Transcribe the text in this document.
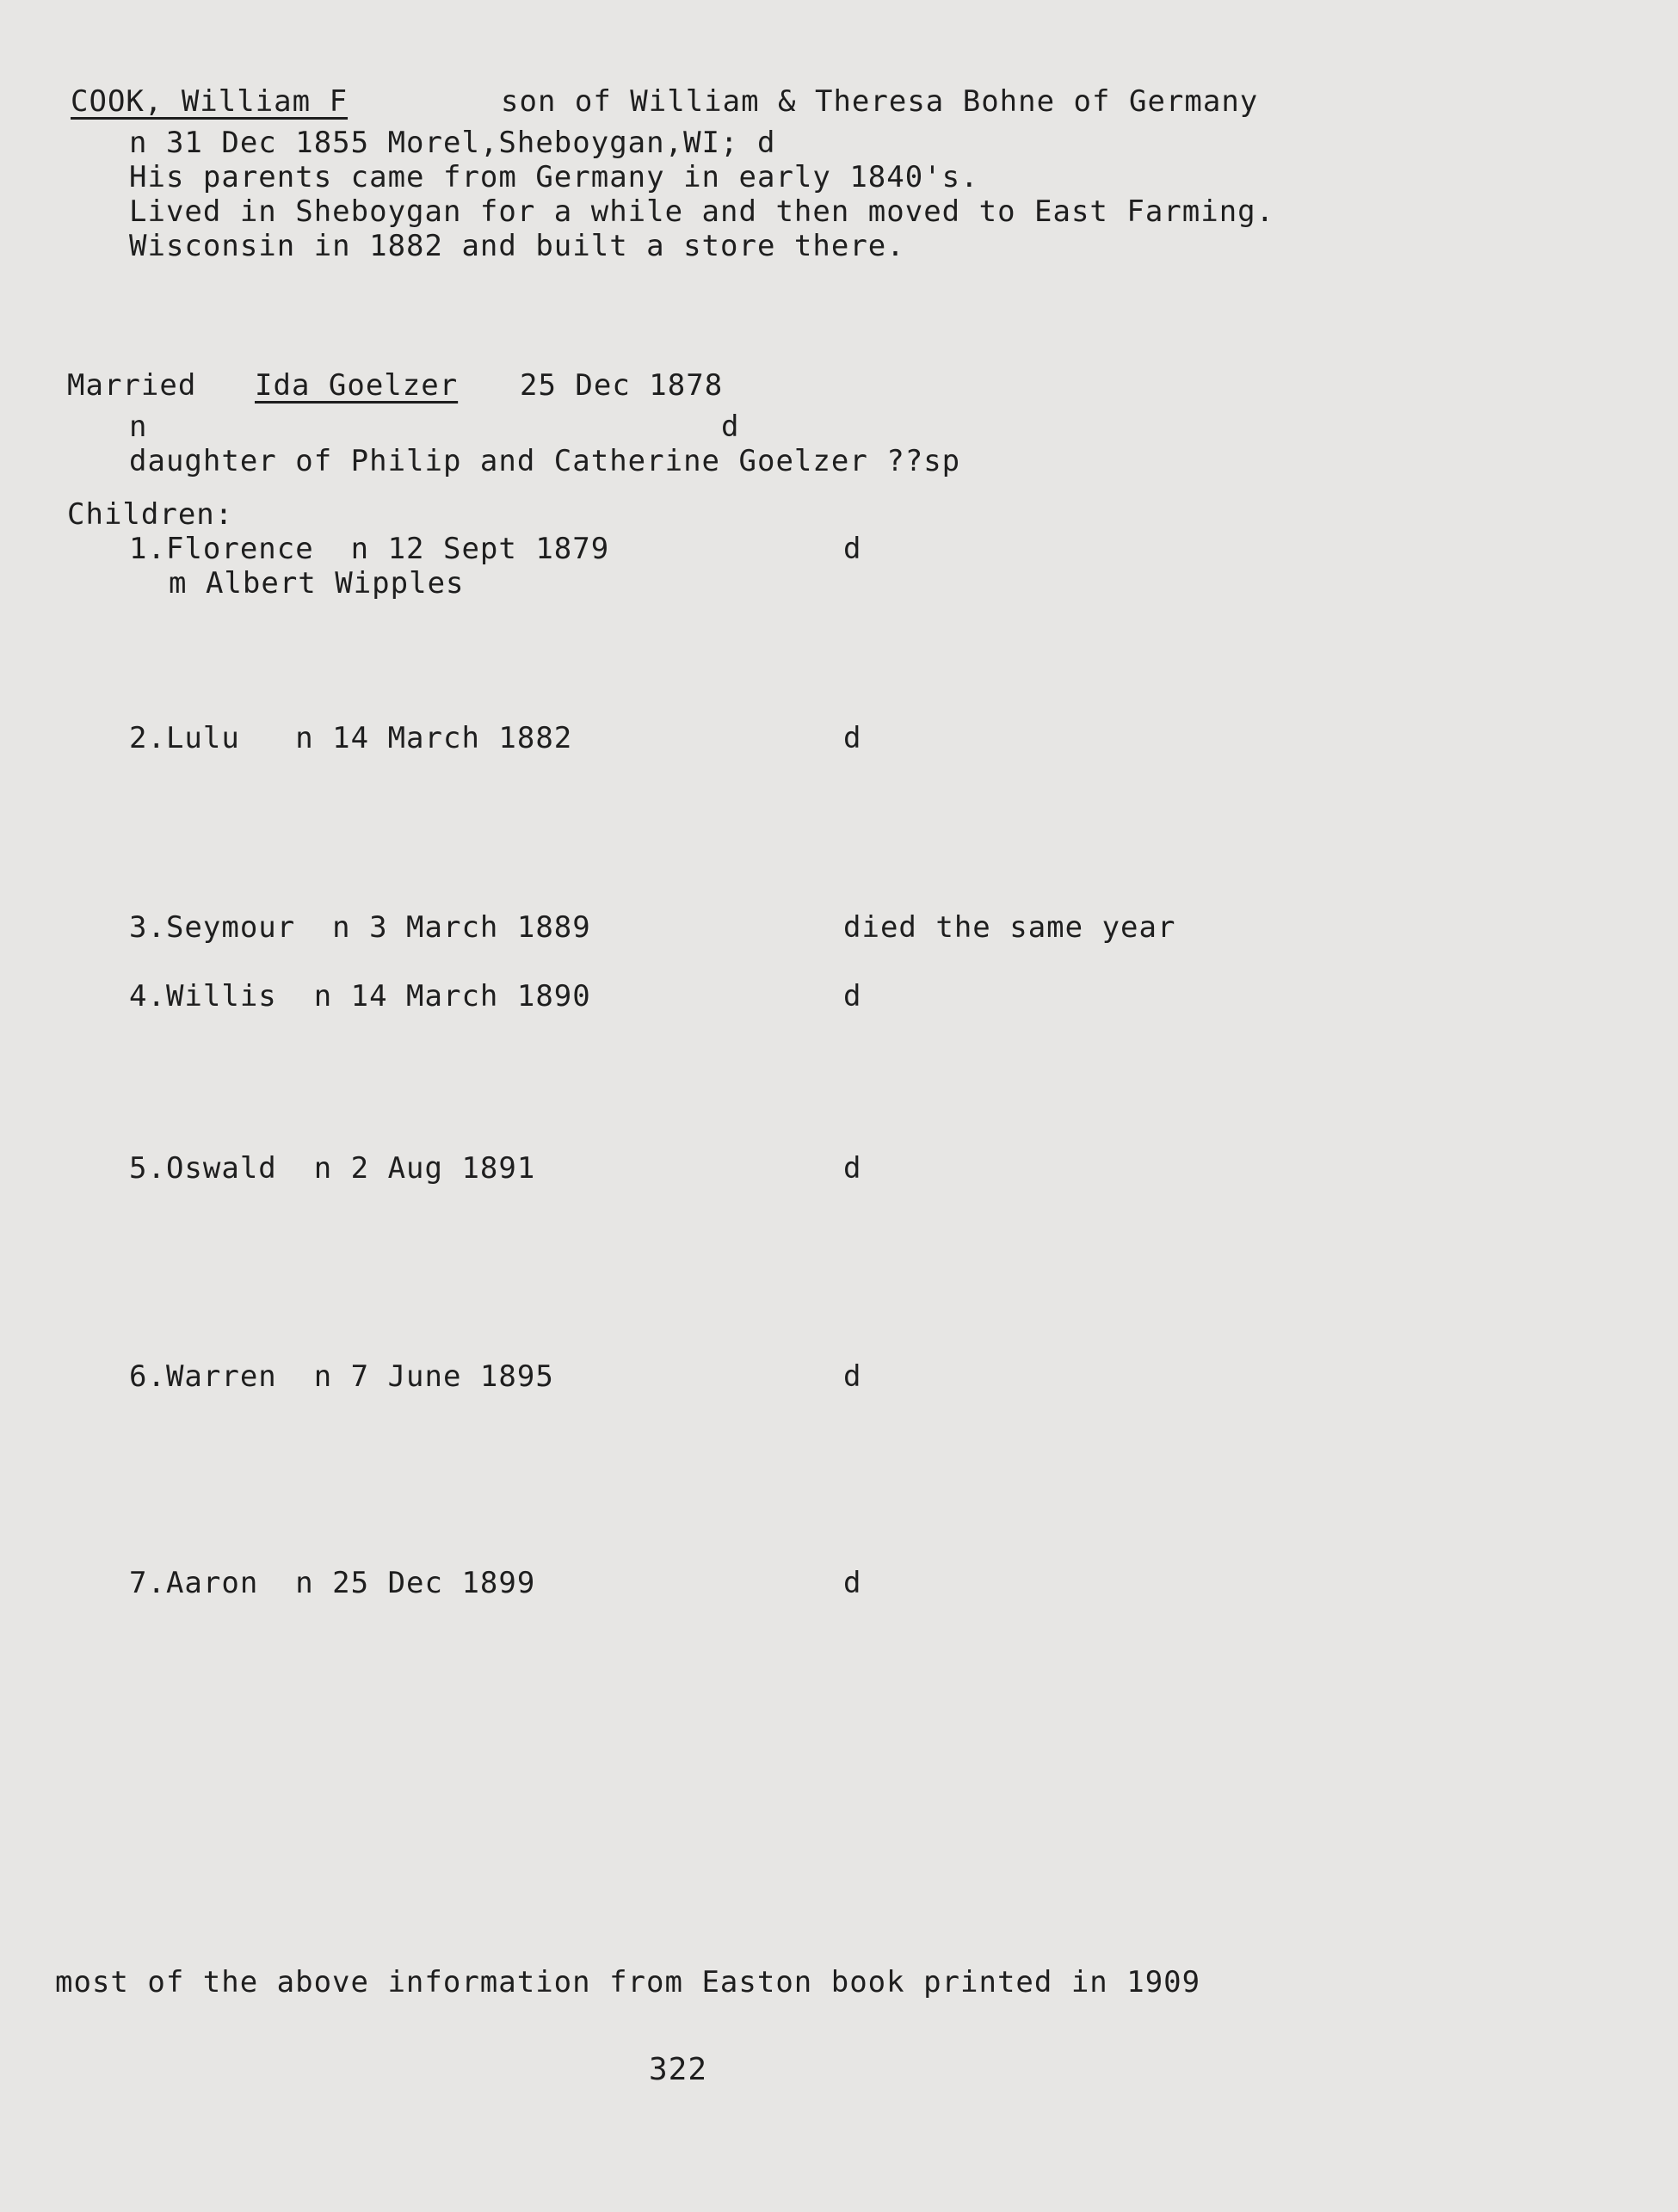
COOK, William F	son of William & Theresa Bohne of Germany
n 31 Dec 1855 Morel,Sheboygan,WI; d
His parents came from Germany in early 1840's.
Lived in Sheboygan for a while and then moved to East Farming.
Wisconsin in 1882 and built a store there.
Married Ida Goelzer 25 Dec 1878
n	d
daughter of Philip and Catherine Goelzer ??sp
Children:
1.Florence  n 12 Sept 1879	d
m Albert Wipples
2.Lulu   n 14 March 1882	d
3.Seymour  n 3 March 1889	died the same year
4.Willis  n 14 March 1890	d
5.Oswald  n 2 Aug 1891	d
6.Warren  n 7 June 1895	d
7.Aaron  n 25 Dec 1899	d
most of the above information from Easton book printed in 1909
322
